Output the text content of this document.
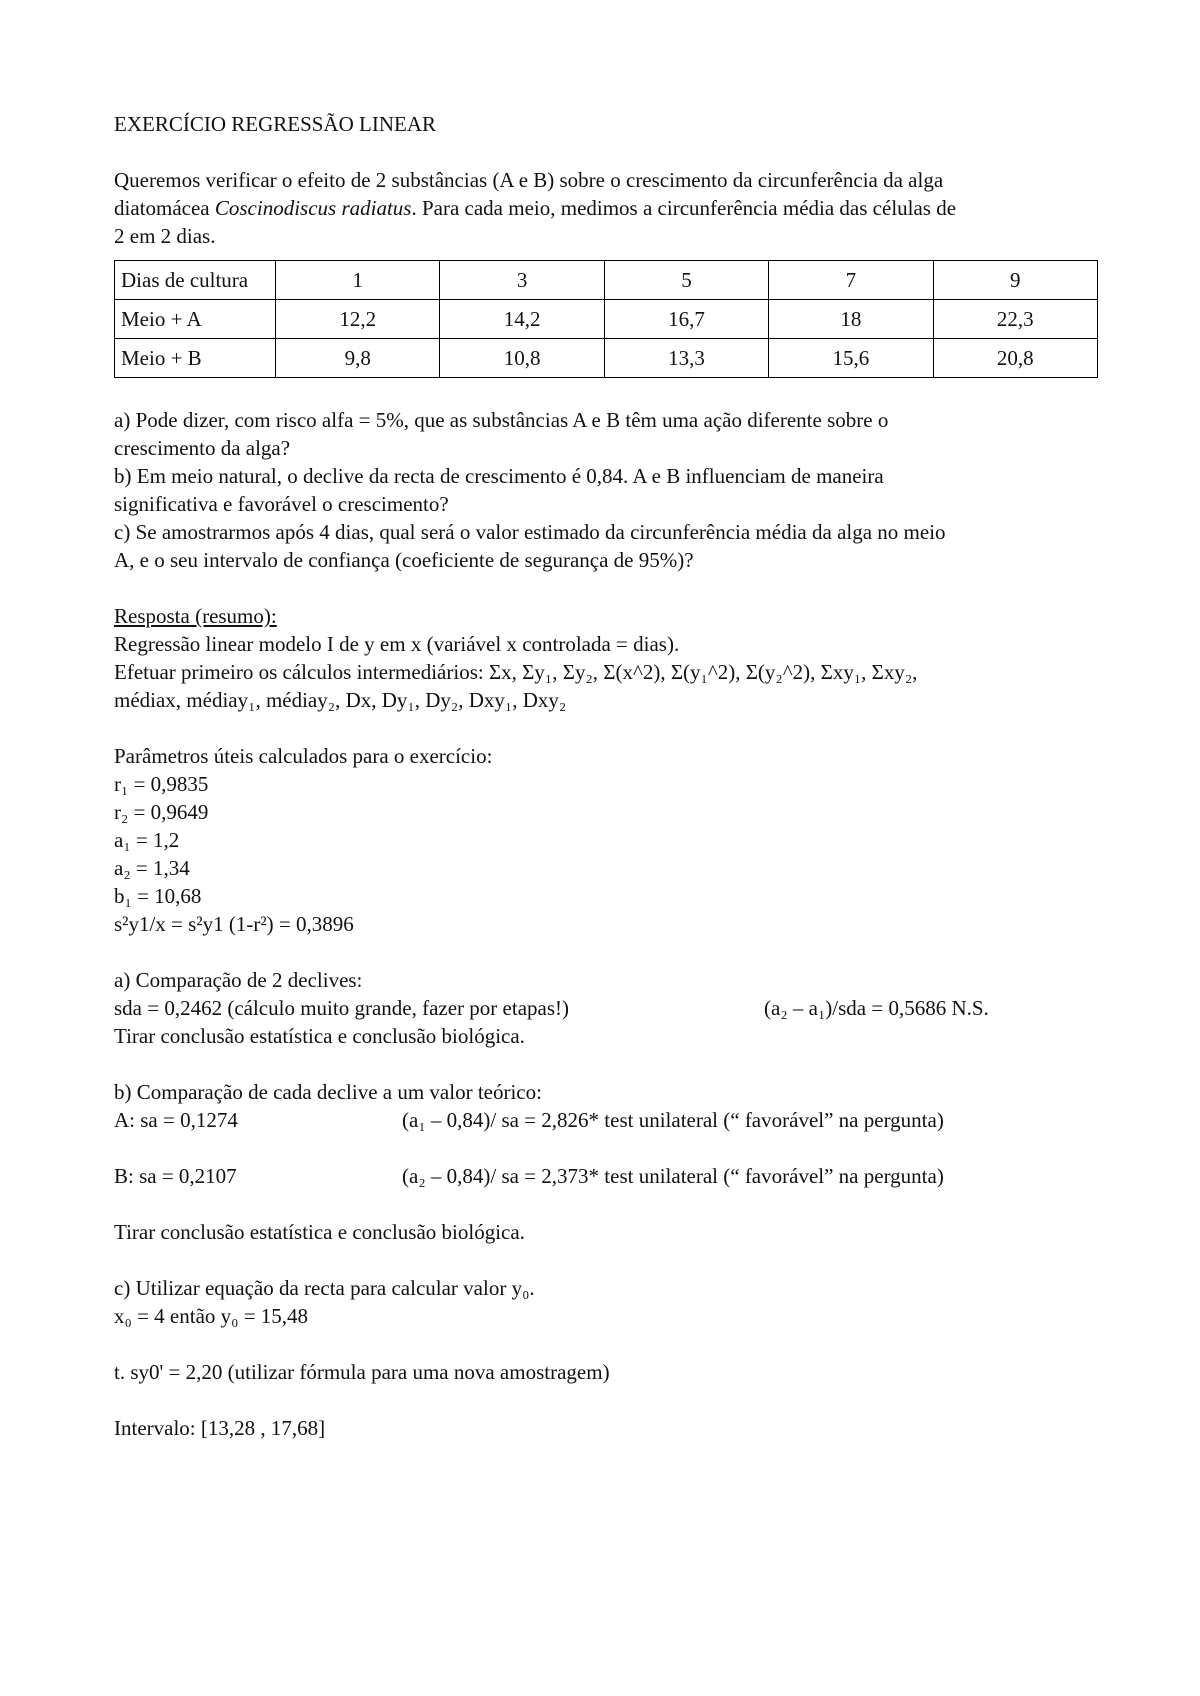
EXERCÍCIO REGRESSÃO LINEAR

Queremos verificar o efeito de 2 substâncias (A e B) sobre o crescimento da circunferência da alga

diatomácea Coscinodiscus radiatus. Para cada meio, medimos a circunferência média das células de

2 em 2 dias.

Dias de cultura	1	3	5	7	9
Meio + A	12,2	14,2	16,7	18	22,3
Meio + B	9,8	10,8	13,3	15,6	20,8

a) Pode dizer, com risco alfa = 5%, que as substâncias A e B têm uma ação diferente sobre o

crescimento da alga?

b) Em meio natural, o declive da recta de crescimento é 0,84. A e B influenciam de maneira

significativa e favorável o crescimento?

c) Se amostrarmos após 4 dias, qual será o valor estimado da circunferência média da alga no meio

A, e o seu intervalo de confiança (coeficiente de segurança de 95%)?

Resposta (resumo):

Regressão linear modelo I de y em x (variável x controlada = dias).

Efetuar primeiro os cálculos intermediários: Σx, Σy₁, Σy₂, Σ(x^2), Σ(y₁^2), Σ(y₂^2), Σxy₁, Σxy₂,

médiax, médiay₁, médiay₂, Dx, Dy₁, Dy₂, Dxy₁, Dxy₂

Parâmetros úteis calculados para o exercício:

r₁ = 0,9835

r₂ = 0,9649

a₁ = 1,2

a₂ = 1,34

b₁ = 10,68

s²y1/x = s²y1 (1-r²) = 0,3896

a) Comparação de 2 declives:

sda = 0,2462 (cálculo muito grande, fazer por etapas!)	(a₂ – a₁)/sda = 0,5686 N.S.

Tirar conclusão estatística e conclusão biológica.

b) Comparação de cada declive a um valor teórico:

A: sa = 0,1274	(a₁ – 0,84)/ sa = 2,826* test unilateral (“ favorável” na pergunta)
B: sa = 0,2107	(a₂ – 0,84)/ sa = 2,373* test unilateral (“ favorável” na pergunta)

Tirar conclusão estatística e conclusão biológica.

c) Utilizar equação da recta para calcular valor y₀.

x₀ = 4 então y₀ = 15,48

t. sy0' = 2,20 (utilizar fórmula para uma nova amostragem)

Intervalo: [13,28 , 17,68]
